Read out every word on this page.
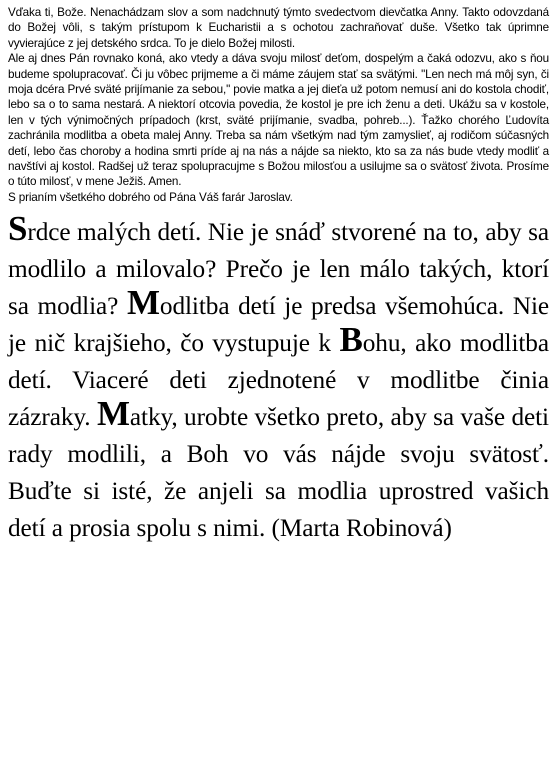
Vďaka ti, Bože. Nenachádzam slov a som nadchnutý týmto svedectvom dievčatka Anny. Takto odovzdaná do Božej vôli, s takým prístupom k Eucharistii a s ochotou zachraňovať duše. Všetko tak úprimne vyvierajúce z jej detského srdca. To je dielo Božej milosti.

Ale aj dnes Pán rovnako koná, ako vtedy a dáva svoju milosť deťom, dospelým a čaká odozvu, ako s ňou budeme spolupracovať. Či ju vôbec prijmeme a či máme záujem stať sa svätými. "Len nech má môj syn, či moja dcéra Prvé sväté prijímanie za sebou," povie matka a jej dieťa už potom nemusí ani do kostola chodiť, lebo sa o to sama nestará. A niektorí otcovia povedia, že kostol je pre ich ženu a deti. Ukážu sa v kostole, len v tých výnimočných prípadoch (krst, sväté prijímanie, svadba, pohreb...). Ťažko chorého Ľudovíta zachránila modlitba a obeta malej Anny. Treba sa nám všetkým nad tým zamyslieť, aj rodičom súčasných detí, lebo čas choroby a hodina smrti príde aj na nás a nájde sa niekto, kto sa za nás bude vtedy modliť a navštívi aj kostol. Radšej už teraz spolupracujme s Božou milosťou a usilujme sa o svätosť života. Prosíme o túto milosť, v mene Ježiš. Amen.

S prianím všetkého dobrého od Pána Váš farár Jaroslav.

Srdce malých detí. Nie je snáď stvorené na to, aby sa modlilo a milovalo? Prečo je len málo takých, ktorí sa modlia? Modlitba detí je predsa všemohúca. Nie je nič krajšieho, čo vystupuje k Bohu, ako modlitba detí. Viaceré deti zjednotené v modlitbe činia zázraky. Matky, urobte všetko preto, aby sa vaše deti rady modlili, a Boh vo vás nájde svoju svätosť. Buďte si isté, že anjeli sa modlia uprostred vašich detí a prosia spolu s nimi. (Marta Robinová)
